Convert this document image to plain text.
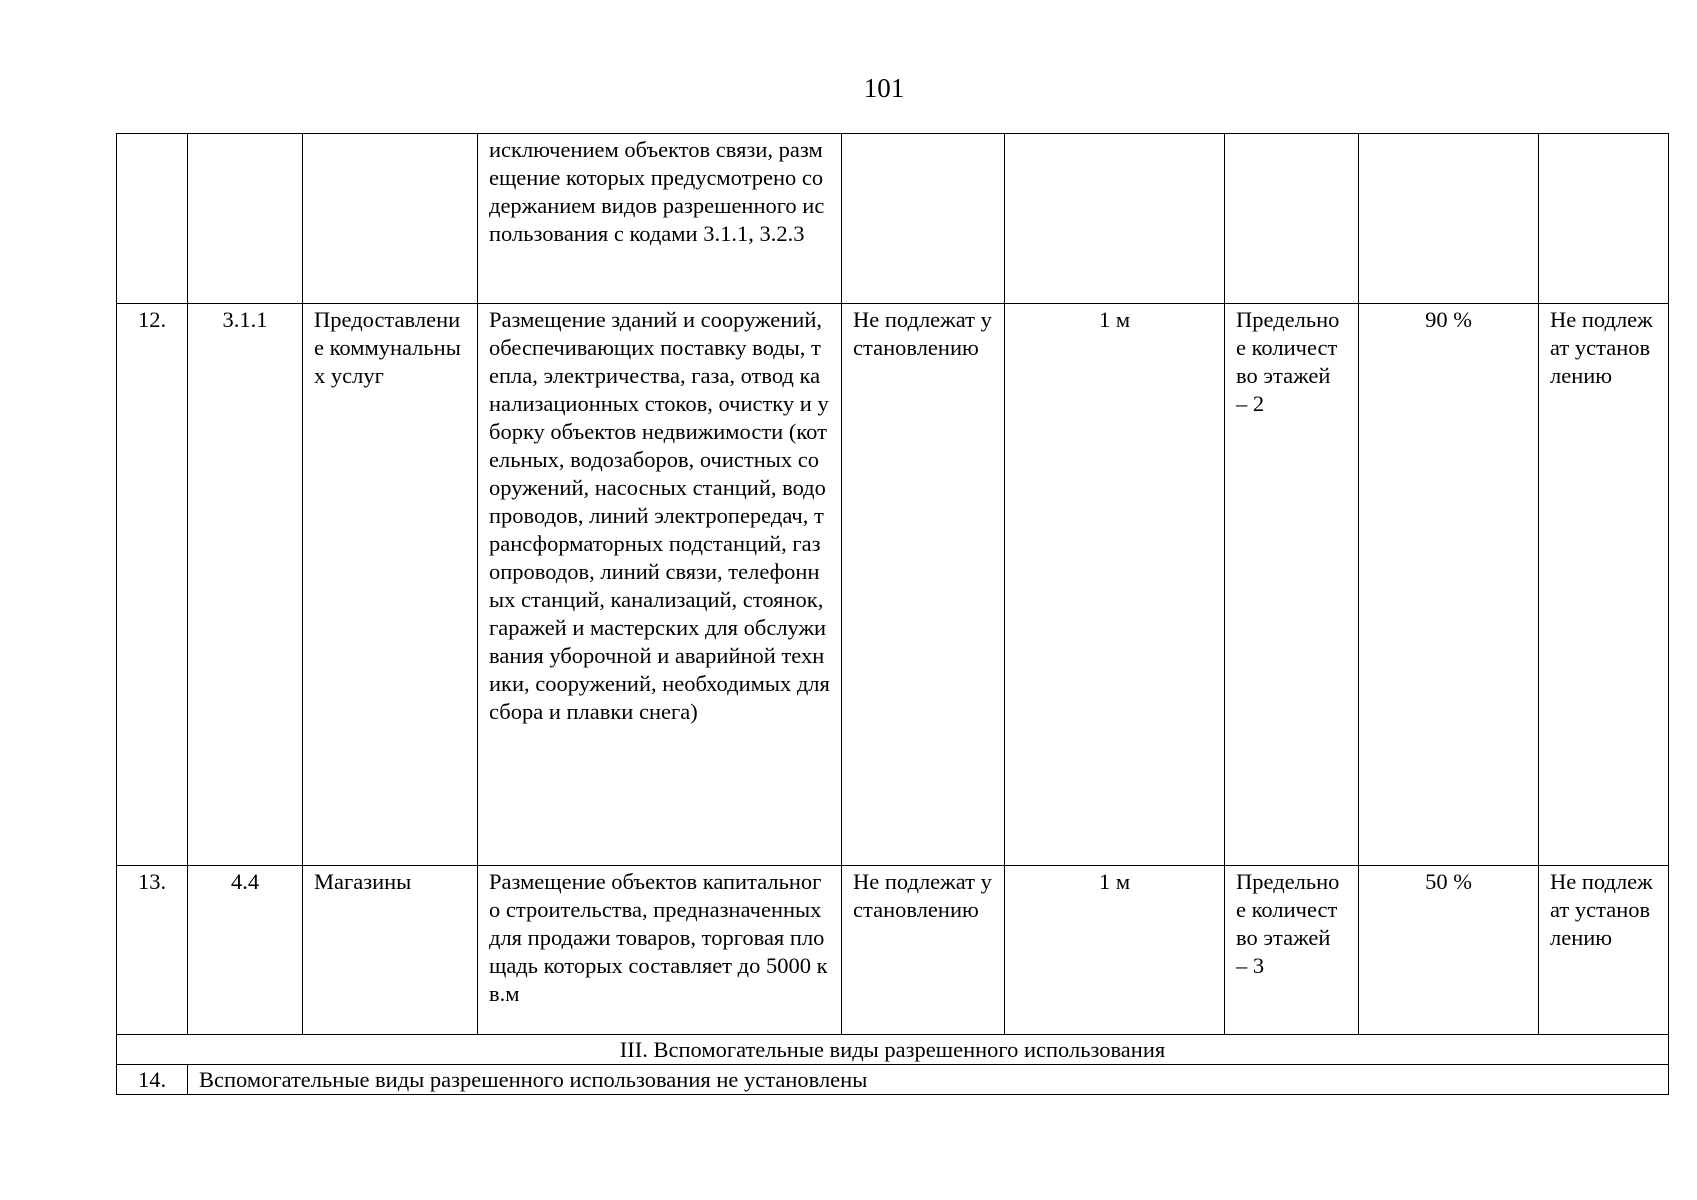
101
			исключением объектов связи, размещение которых предусмотрено содержанием видов разрешенного использования с кодами 3.1.1, 3.2.3					
12.	3.1.1	Предоставление коммунальных услуг	Размещение зданий и сооружений, обеспечивающих поставку воды, тепла, электричества, газа, отвод канализационных стоков, очистку и уборку объектов недвижимости (котельных, водозаборов, очистных сооружений, насосных станций, водопроводов, линий электропередач, трансформаторных подстанций, газопроводов, линий связи, телефонных станций, канализаций, стоянок, гаражей и мастерских для обслуживания уборочной и аварийной техники, сооружений, необходимых для сбора и плавки снега)	Не подлежат установлению	1 м	Предельное количество этажей – 2	90 %	Не подлежат установлению
13.	4.4	Магазины	Размещение объектов капитального строительства, предназначенных для продажи товаров, торговая площадь которых составляет до 5000 кв.м	Не подлежат установлению	1 м	Предельное количество этажей – 3	50 %	Не подлежат установлению
III. Вспомогательные виды разрешенного использования								
14.	Вспомогательные виды разрешенного использования не установлены							
